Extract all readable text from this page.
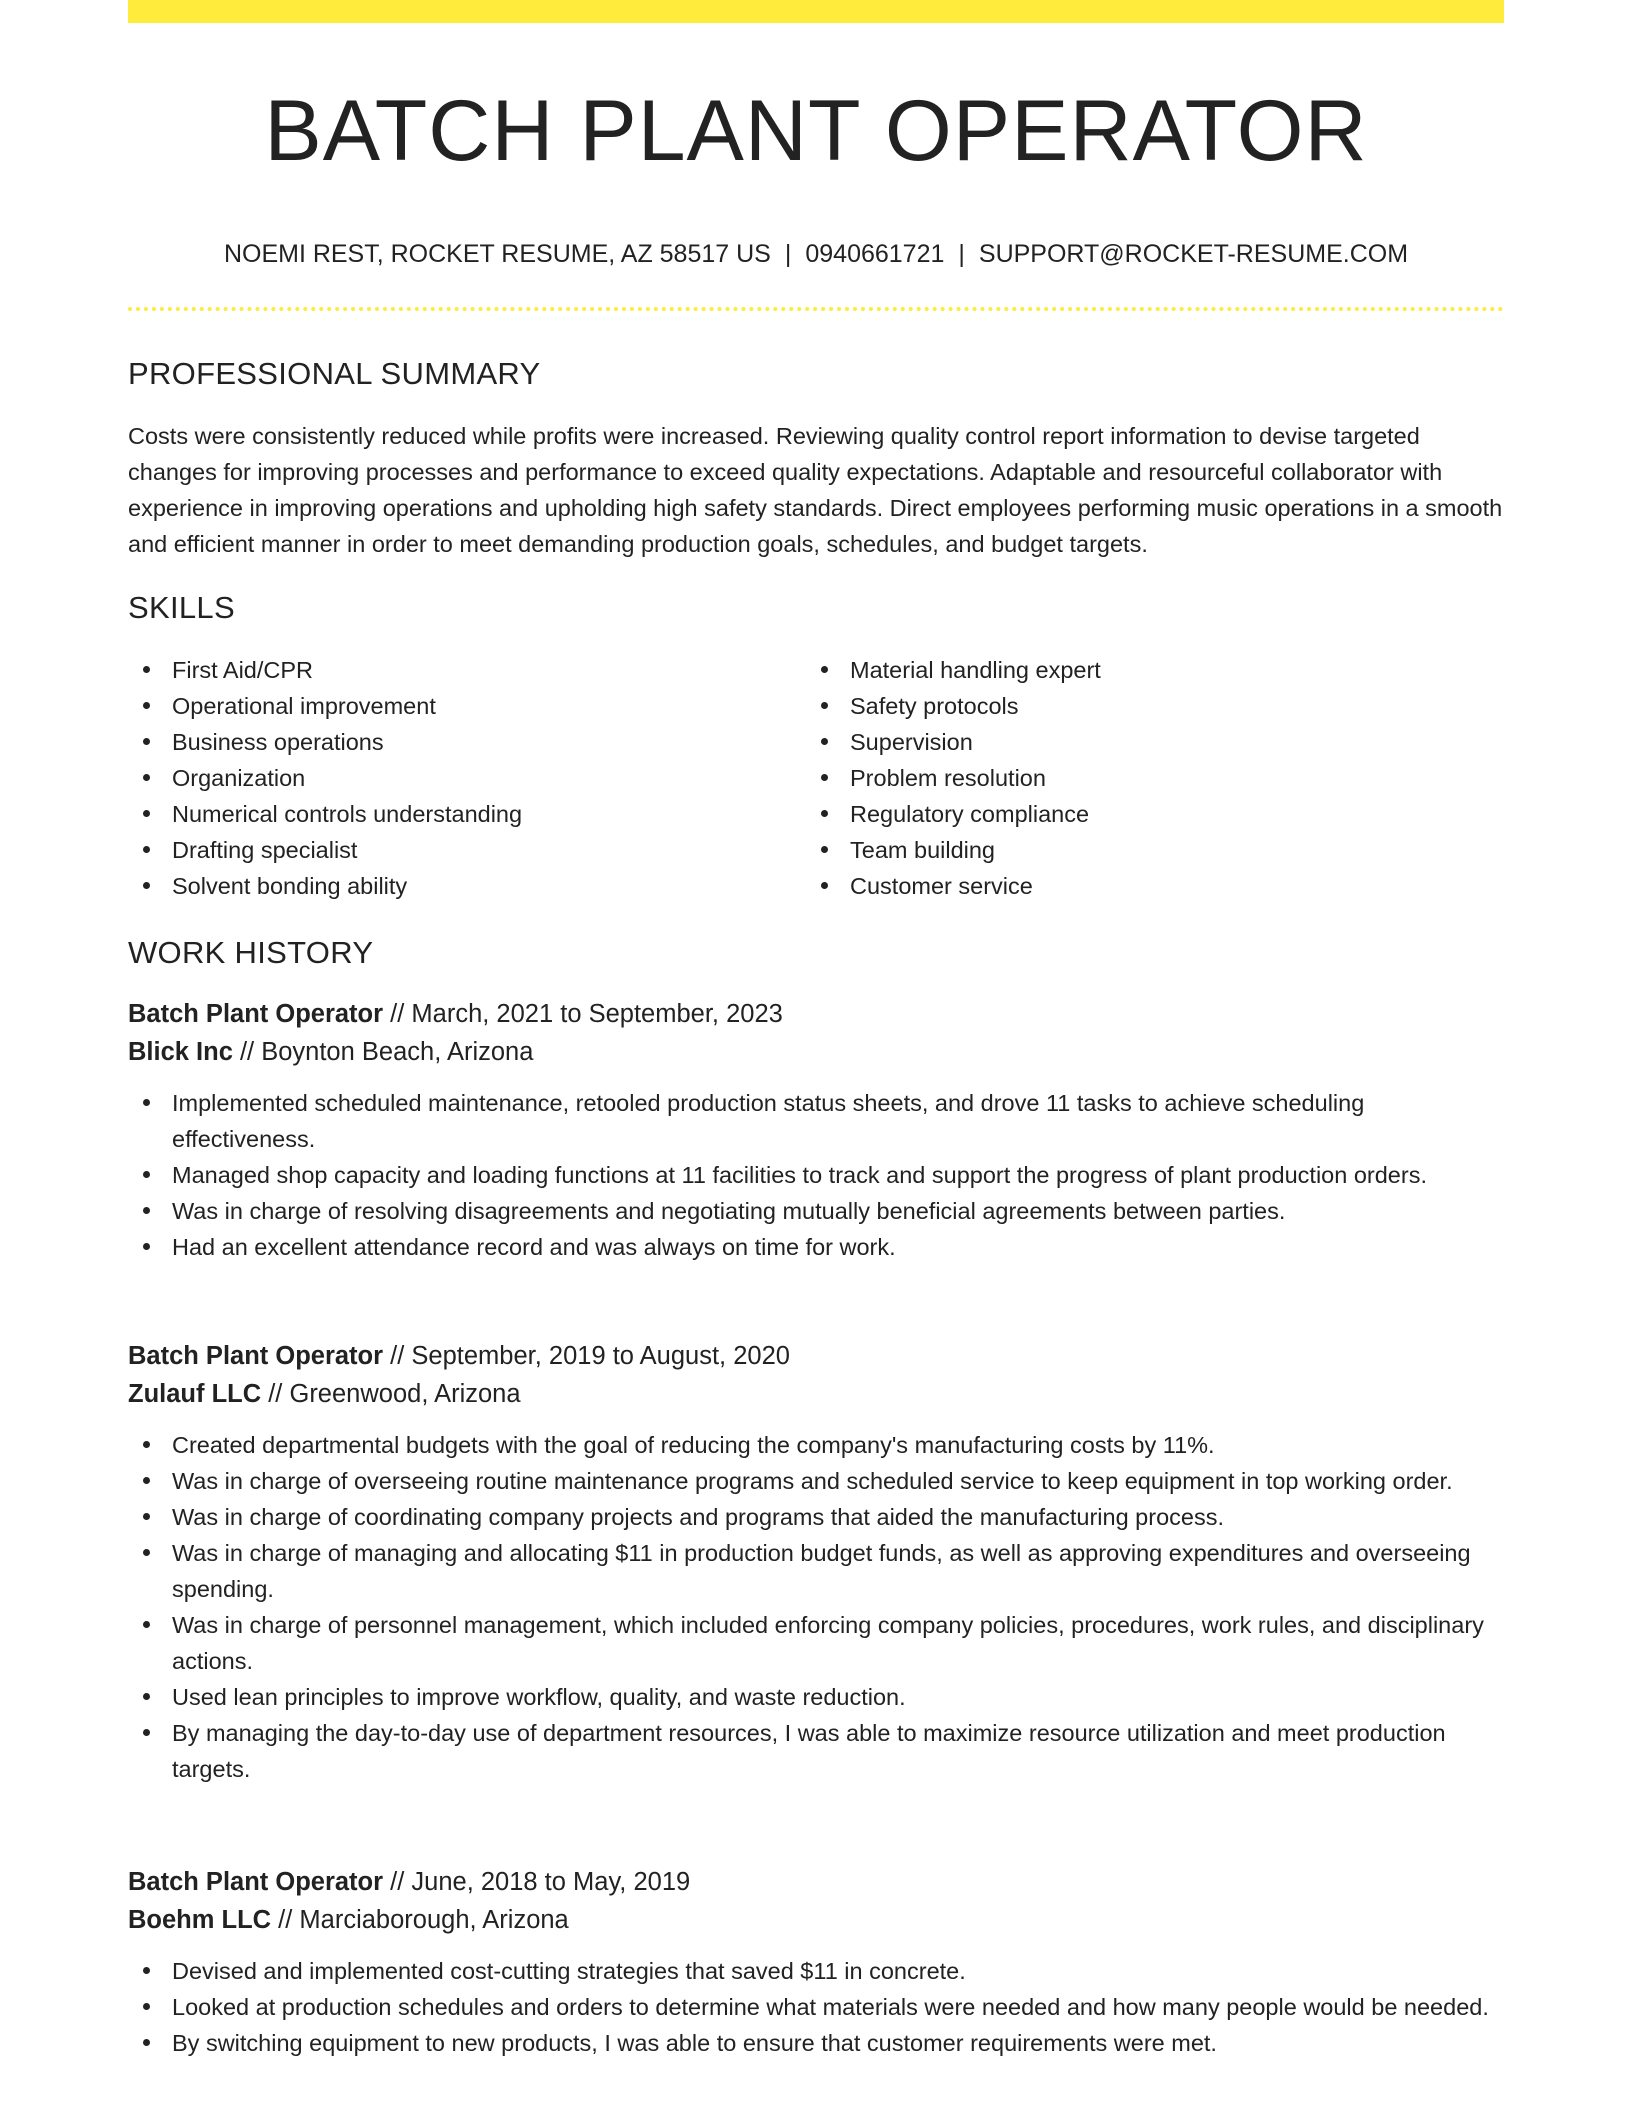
BATCH PLANT OPERATOR
NOEMI REST, ROCKET RESUME, AZ 58517 US | 0940661721 | SUPPORT@ROCKET-RESUME.COM
PROFESSIONAL SUMMARY
Costs were consistently reduced while profits were increased. Reviewing quality control report information to devise targeted changes for improving processes and performance to exceed quality expectations. Adaptable and resourceful collaborator with experience in improving operations and upholding high safety standards. Direct employees performing music operations in a smooth and efficient manner in order to meet demanding production goals, schedules, and budget targets.
SKILLS
First Aid/CPR
Operational improvement
Business operations
Organization
Numerical controls understanding
Drafting specialist
Solvent bonding ability
Material handling expert
Safety protocols
Supervision
Problem resolution
Regulatory compliance
Team building
Customer service
WORK HISTORY
Batch Plant Operator // March, 2021 to September, 2023
Blick Inc // Boynton Beach, Arizona
Implemented scheduled maintenance, retooled production status sheets, and drove 11 tasks to achieve scheduling effectiveness.
Managed shop capacity and loading functions at 11 facilities to track and support the progress of plant production orders.
Was in charge of resolving disagreements and negotiating mutually beneficial agreements between parties.
Had an excellent attendance record and was always on time for work.
Batch Plant Operator // September, 2019 to August, 2020
Zulauf LLC // Greenwood, Arizona
Created departmental budgets with the goal of reducing the company's manufacturing costs by 11%.
Was in charge of overseeing routine maintenance programs and scheduled service to keep equipment in top working order.
Was in charge of coordinating company projects and programs that aided the manufacturing process.
Was in charge of managing and allocating $11 in production budget funds, as well as approving expenditures and overseeing spending.
Was in charge of personnel management, which included enforcing company policies, procedures, work rules, and disciplinary actions.
Used lean principles to improve workflow, quality, and waste reduction.
By managing the day-to-day use of department resources, I was able to maximize resource utilization and meet production targets.
Batch Plant Operator // June, 2018 to May, 2019
Boehm LLC // Marciaborough, Arizona
Devised and implemented cost-cutting strategies that saved $11 in concrete.
Looked at production schedules and orders to determine what materials were needed and how many people would be needed.
By switching equipment to new products, I was able to ensure that customer requirements were met.
